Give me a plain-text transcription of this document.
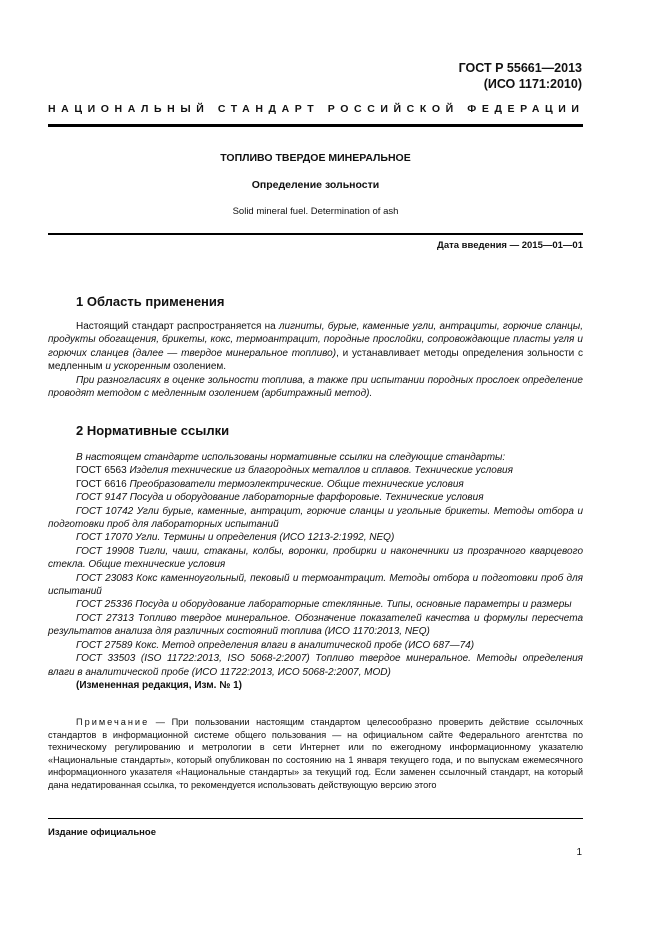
ГОСТ Р 55661—2013
(ИСО 1171:2010)
НАЦИОНАЛЬНЫЙ СТАНДАРТ РОССИЙСКОЙ ФЕДЕРАЦИИ
ТОПЛИВО ТВЕРДОЕ МИНЕРАЛЬНОЕ
Определение зольности
Solid mineral fuel. Determination of ash
Дата введения — 2015—01—01
1 Область применения

Настоящий стандарт распространяется на лигниты, бурые, каменные угли, антрациты, горючие сланцы, продукты обогащения, брикеты, кокс, термоантрацит, породные прослойки, сопровождающие пласты угля и горючих сланцев (далее — твердое минеральное топливо), и устанавливает методы определения зольности с медленным и ускоренным озолением.

При разногласиях в оценке зольности топлива, а также при испытании породных прослоек определение проводят методом с медленным озолением (арбитражный метод).

2 Нормативные ссылки

В настоящем стандарте использованы нормативные ссылки на следующие стандарты:

ГОСТ 6563 Изделия технические из благородных металлов и сплавов. Технические условия

ГОСТ 6616 Преобразователи термоэлектрические. Общие технические условия

ГОСТ 9147 Посуда и оборудование лабораторные фарфоровые. Технические условия

ГОСТ 10742 Угли бурые, каменные, антрацит, горючие сланцы и угольные брикеты. Методы отбора и подготовки проб для лабораторных испытаний

ГОСТ 17070 Угли. Термины и определения (ИСО 1213-2:1992, NEQ)

ГОСТ 19908 Тигли, чаши, стаканы, колбы, воронки, пробирки и наконечники из прозрачного кварцевого стекла. Общие технические условия

ГОСТ 23083 Кокс каменноугольный, пековый и термоантрацит. Методы отбора и подготовки проб для испытаний

ГОСТ 25336 Посуда и оборудование лабораторные стеклянные. Типы, основные параметры и размеры

ГОСТ 27313 Топливо твердое минеральное. Обозначение показателей качества и формулы пересчета результатов анализа для различных состояний топлива (ИСО 1170:2013, NEQ)

ГОСТ 27589 Кокс. Метод определения влаги в аналитической пробе (ИСО 687—74)

ГОСТ 33503 (ISO 11722:2013, ISO 5068-2:2007) Топливо твердое минеральное. Методы определения влаги в аналитической пробе (ИСО 11722:2013, ИСО 5068-2:2007, MOD)

(Измененная редакция, Изм. № 1)

Примечание — При пользовании настоящим стандартом целесообразно проверить действие ссылочных стандартов в информационной системе общего пользования — на официальном сайте Федерального агентства по техническому регулированию и метрологии в сети Интернет или по ежегодному информационному указателю «Национальные стандарты», который опубликован по состоянию на 1 января текущего года, и по выпускам ежемесячного информационного указателя «Национальные стандарты» за текущий год. Если заменен ссылочный стандарт, на который дана недатированная ссылка, то рекомендуется использовать действующую версию этого

Издание официальное
1
